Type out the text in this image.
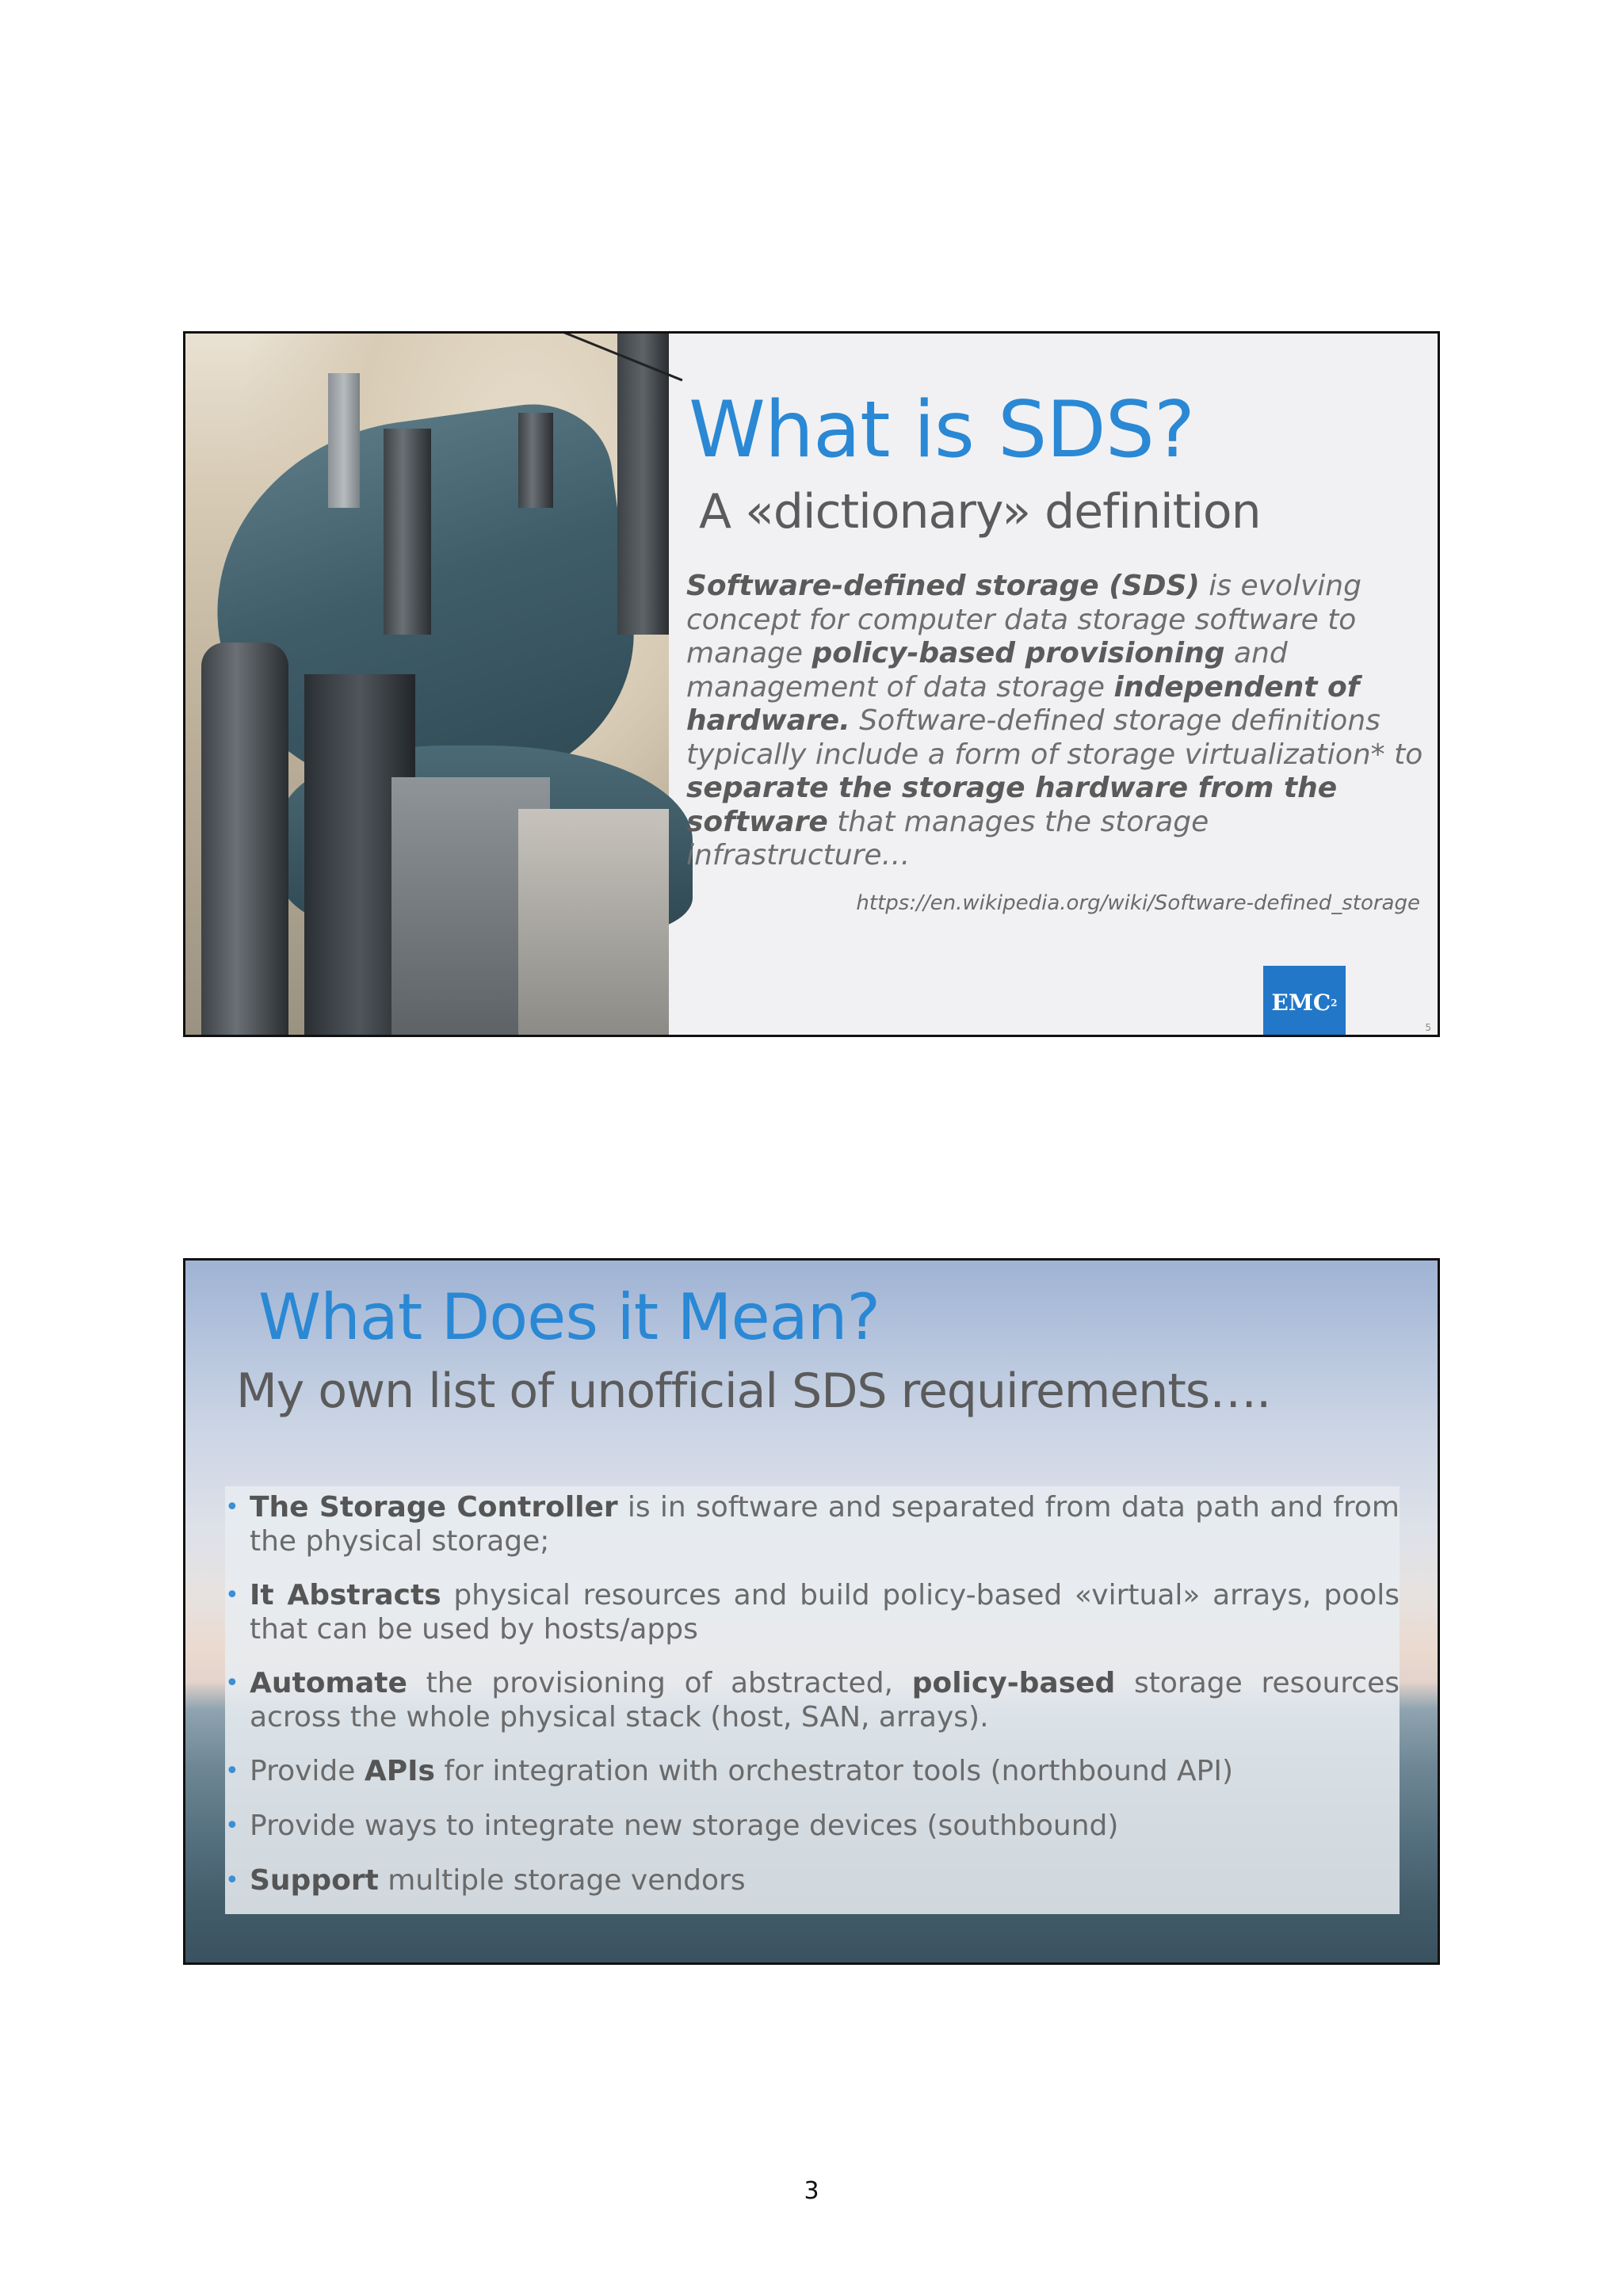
What is SDS?
A «dictionary» definition
Software-defined storage (SDS) is evolving concept for computer data storage software to manage policy-based provisioning and management of data storage independent of hardware. Software-defined storage definitions typically include a form of storage virtualization* to separate the storage hardware from the software that manages the storage infrastructure…
https://en.wikipedia.org/wiki/Software-defined_storage
EMC 2
5
What Does it Mean?
My own list of unofficial SDS requirements….
• The Storage Controller is in software and separated from data path and from the physical storage;
• It Abstracts physical resources and build policy-based «virtual» arrays, pools that can be used by hosts/apps
• Automate the provisioning of abstracted, policy-based storage resources across the whole physical stack (host, SAN, arrays).
• Provide APIs for integration with orchestrator tools (northbound API)
• Provide ways to integrate new storage devices (southbound)
• Support multiple storage vendors
3
